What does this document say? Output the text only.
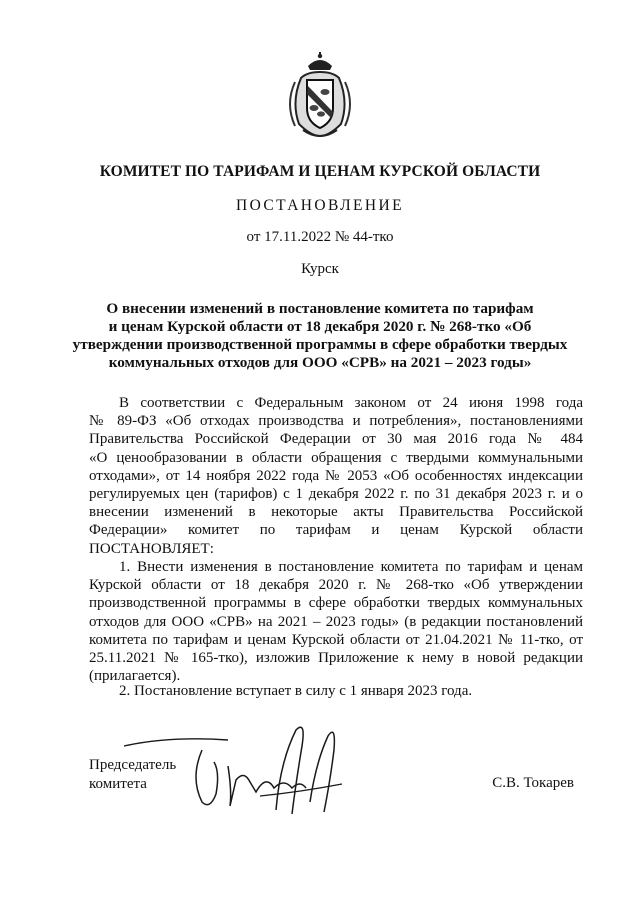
КОМИТЕТ ПО ТАРИФАМ И ЦЕНАМ КУРСКОЙ ОБЛАСТИ
ПОСТАНОВЛЕНИЕ
от 17.11.2022 № 44-тко
Курск
О внесении изменений в постановление комитета по тарифам
и ценам Курской области от 18 декабря 2020 г. № 268-тко «Об
утверждении производственной программы в сфере обработки твердых
коммунальных отходов для ООО «СРВ» на 2021 – 2023 годы»
В соответствии с Федеральным законом от 24 июня 1998 года
№ 89-ФЗ «Об отходах производства и потребления», постановлениями
Правительства Российской Федерации от 30 мая 2016 года № 484
«О ценообразовании в области обращения с твердыми коммунальными
отходами», от 14 ноября 2022 года № 2053 «Об особенностях индексации
регулируемых цен (тарифов) с 1 декабря 2022 г. по 31 декабря 2023 г. и о
внесении изменений в некоторые акты Правительства Российской
Федерации» комитет по тарифам и ценам Курской области
ПОСТАНОВЛЯЕТ:
1. Внести изменения в постановление комитета по тарифам и ценам
Курской области от 18 декабря 2020 г. № 268-тко «Об утверждении
производственной программы в сфере обработки твердых коммунальных
отходов для ООО «СРВ» на 2021 – 2023 годы» (в редакции постановлений
комитета по тарифам и ценам Курской области от 21.04.2021 № 11-тко, от
25.11.2021 № 165-тко), изложив Приложение к нему в новой редакции
(прилагается).
2. Постановление вступает в силу с 1 января 2023 года.
Председатель
комитета	С.В. Токарев
